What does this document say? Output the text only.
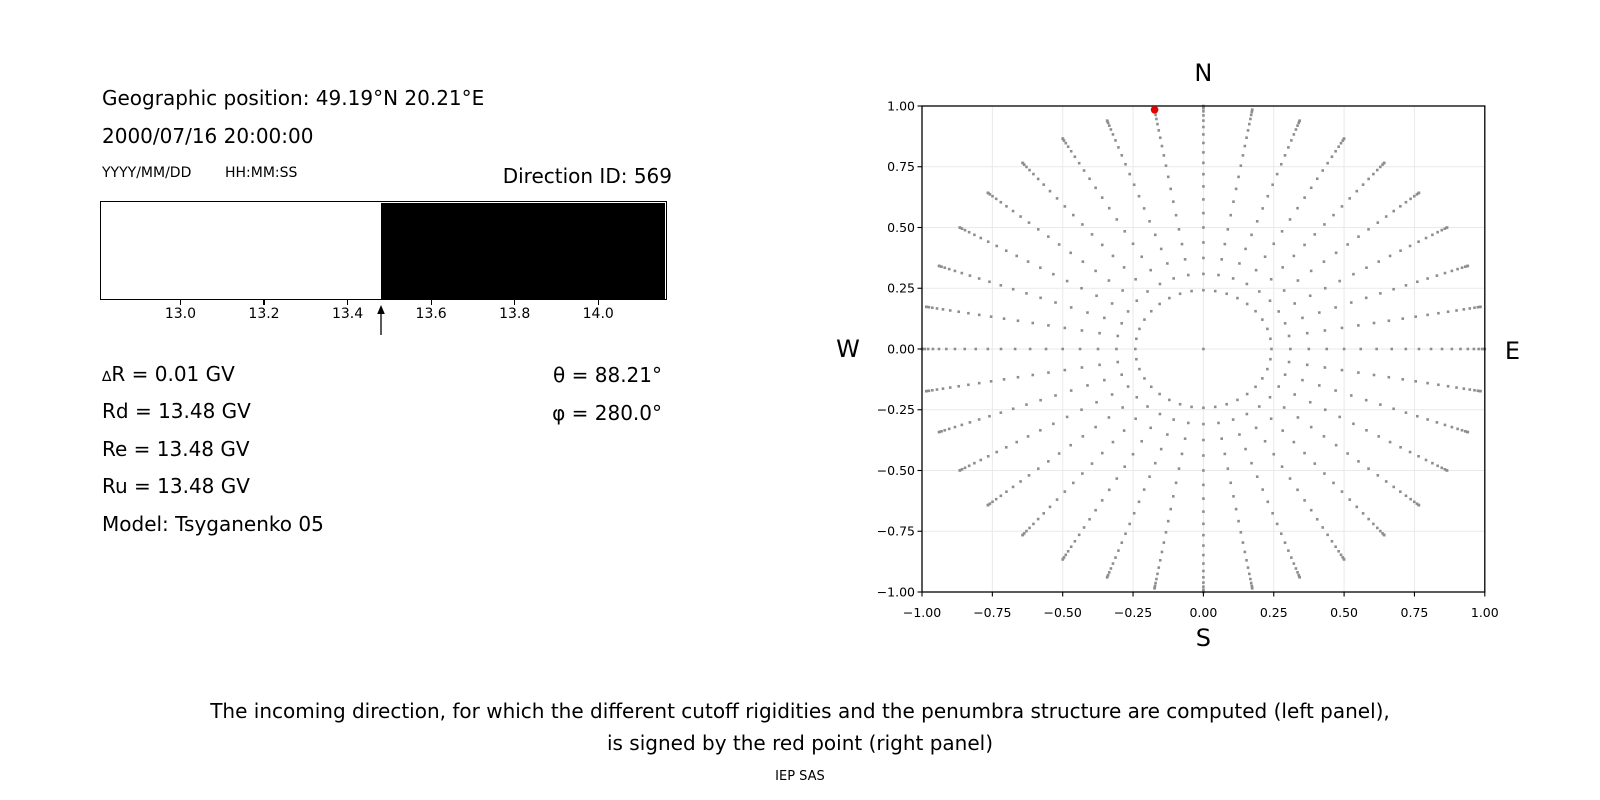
Geographic position: 49.19°N 20.21°E
2000/07/16 20:00:00
YYYY/MM/DD HH:MM:SS	Direction ID: 569
13.0	13.2	13.4	13.6	13.8	14.0
∆R = 0.01 GV
Rd = 13.48 GV
Re = 13.48 GV
Ru = 13.48 GV
Model: Tsyganenko 05
θ = 88.21°
φ = 280.0°
−1.00	−0.75	−0.50	−0.25	0.00	0.25	0.50	0.75	1.00
−1.00
−0.75
−0.50
−0.25
0.00
0.25
0.50
0.75
1.00
N
S
W	E
The incoming direction, for which the different cutoff rigidities and the penumbra structure are computed (left panel),
is signed by the red point (right panel)
IEP SAS
